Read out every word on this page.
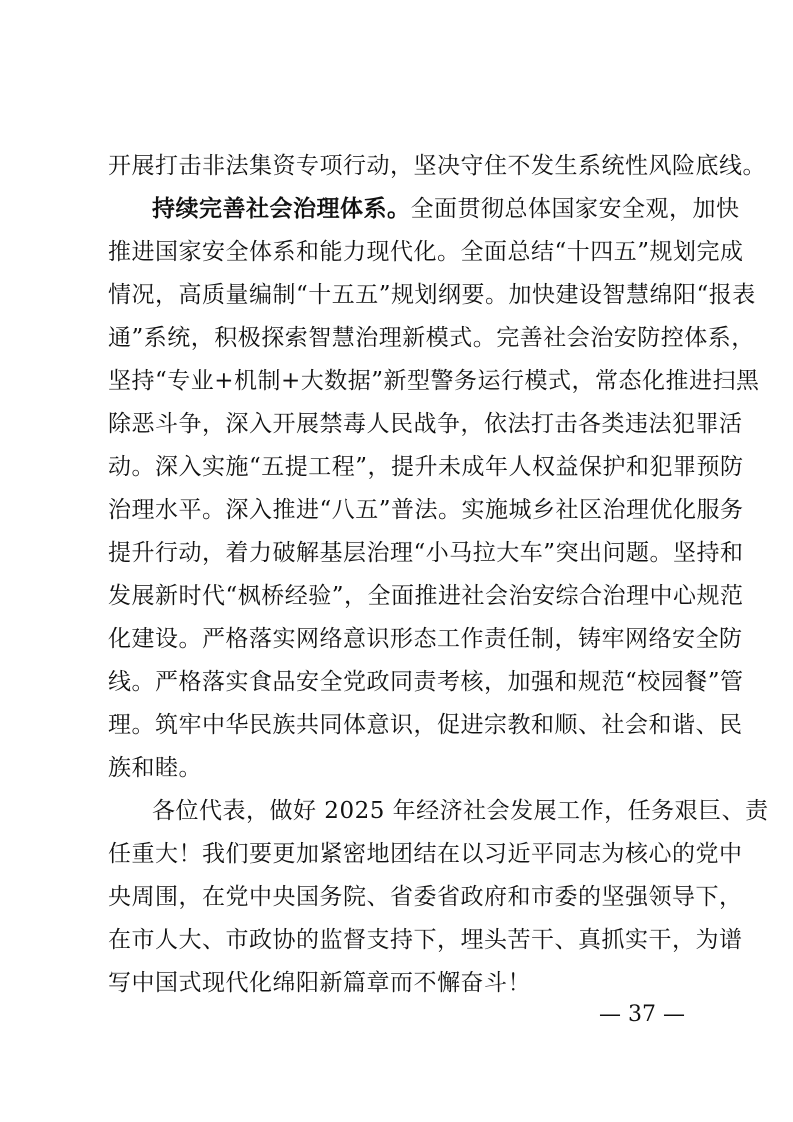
开展打击非法集资专项行动，坚决守住不发生系统性风险底线。
持续完善社会治理体系。全面贯彻总体国家安全观，加快
推进国家安全体系和能力现代化。全面总结“十四五”规划完成
情况，高质量编制“十五五”规划纲要。加快建设智慧绵阳“报表
通”系统，积极探索智慧治理新模式。完善社会治安防控体系，
坚持“专业+机制+大数据”新型警务运行模式，常态化推进扫黑
除恶斗争，深入开展禁毒人民战争，依法打击各类违法犯罪活
动。深入实施“五提工程”，提升未成年人权益保护和犯罪预防
治理水平。深入推进“八五”普法。实施城乡社区治理优化服务
提升行动，着力破解基层治理“小马拉大车”突出问题。坚持和
发展新时代“枫桥经验”，全面推进社会治安综合治理中心规范
化建设。严格落实网络意识形态工作责任制，铸牢网络安全防
线。严格落实食品安全党政同责考核，加强和规范“校园餐”管
理。筑牢中华民族共同体意识，促进宗教和顺、社会和谐、民
族和睦。
各位代表，做好 2025 年经济社会发展工作，任务艰巨、责
任重大！我们要更加紧密地团结在以习近平同志为核心的党中
央周围，在党中央国务院、省委省政府和市委的坚强领导下，
在市人大、市政协的监督支持下，埋头苦干、真抓实干，为谱
写中国式现代化绵阳新篇章而不懈奋斗！
— 37 —
